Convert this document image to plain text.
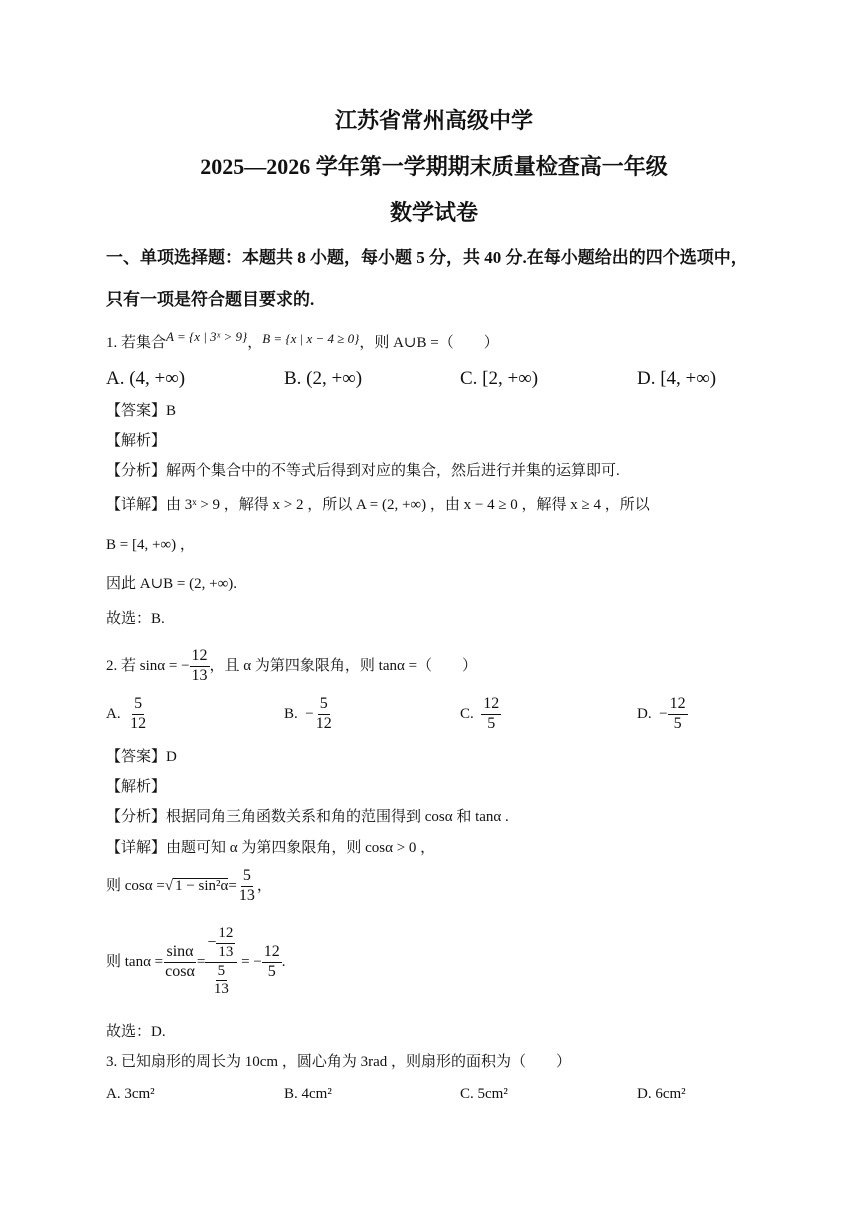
江苏省常州高级中学
2025—2026 学年第一学期期末质量检查高一年级
数学试卷
一、单项选择题：本题共 8 小题，每小题 5 分，共 40 分.在每小题给出的四个选项中，
只有一项是符合题目要求的.
1. 若集合A = {x | 3ˣ > 9}，B = {x | x − 4 ≥ 0}，则 A∪B =（　　）
A. (4, +∞)	B. (2, +∞)	C. [2, +∞)	D. [4, +∞)
【答案】B
【解析】
【分析】解两个集合中的不等式后得到对应的集合，然后进行并集的运算即可.
【详解】由 3ˣ > 9 ，解得 x > 2 ，所以 A = (2, +∞) ，由 x − 4 ≥ 0 ，解得 x ≥ 4 ，所以
B = [4, +∞) ，
因此 A∪B = (2, +∞).
故选：B.
2. 若 sinα = − $\frac{12}{13}$ ，且 α 为第四象限角，则 tanα =（　　）
A.
$\frac{5}{12}$	B.
− $\frac{5}{12}$	C.
$\frac{12}{5}$	D.
− $\frac{12}{5}$
【答案】D
【解析】
【分析】根据同角三角函数关系和角的范围得到 cosα 和 tanα .
【详解】由题可知 α 为第四象限角，则 cosα > 0 ，
则 cosα = √ $1 - \sin^2\alpha = \frac{5}{13}$ ，
则 $\tan\alpha = \frac{\sin\alpha}{\cos\alpha} = \frac{- \frac{12}{13}}{\frac{5}{13}}$ = − $\frac{12}{5}$ .
故选：D.
3. 已知扇形的周长为 10cm ，圆心角为 3rad ，则扇形的面积为（　　）
A. 3cm²	B. 4cm²	C. 5cm²	D. 6cm²
